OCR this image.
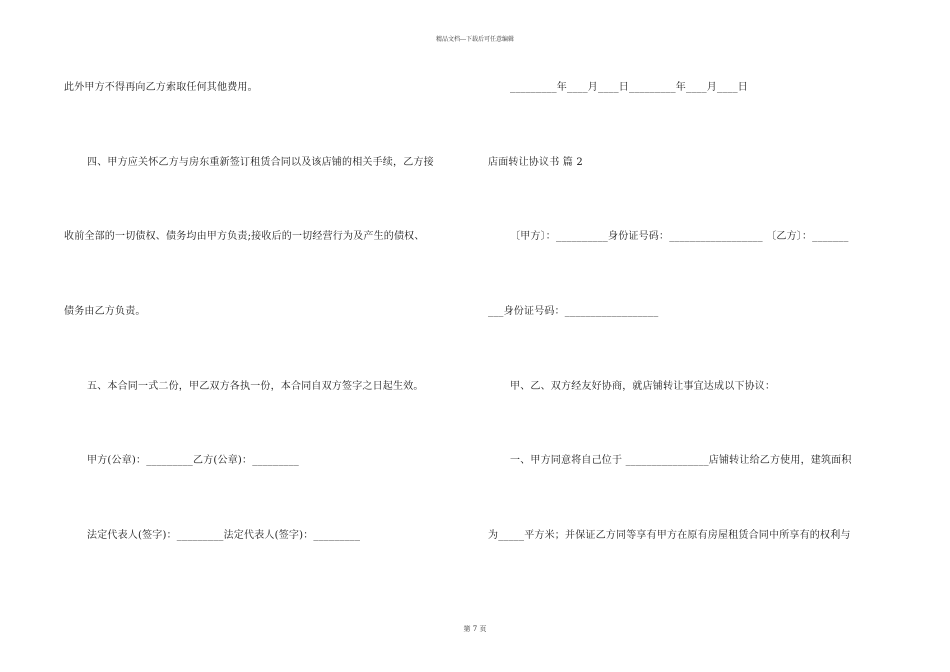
精品文档---下载后可任意编辑
此外甲方不得再向乙方索取任何其他费用。
四、甲方应关怀乙方与房东重新签订租赁合同以及该店铺的相关手续，乙方接
收前全部的一切债权、债务均由甲方负责;接收后的一切经营行为及产生的债权、
债务由乙方负责。
五、本合同一式二份，甲乙双方各执一份，本合同自双方签字之日起生效。
甲方(公章)：_________乙方(公章)：_________
法定代表人(签字)：_________法定代表人(签字)：_________
_________年____月____日_________年____月____日
店面转让协议书 篇 2
〔甲方〕：__________身份证号码：__________________ 〔乙方〕：_______
___身份证号码：__________________
甲、乙、双方经友好协商，就店铺转让事宜达成以下协议：
一、甲方同意将自己位于 ________________店铺转让给乙方使用，建筑面积
为_____平方米；并保证乙方同等享有甲方在原有房屋租赁合同中所享有的权利与
第 7 页
